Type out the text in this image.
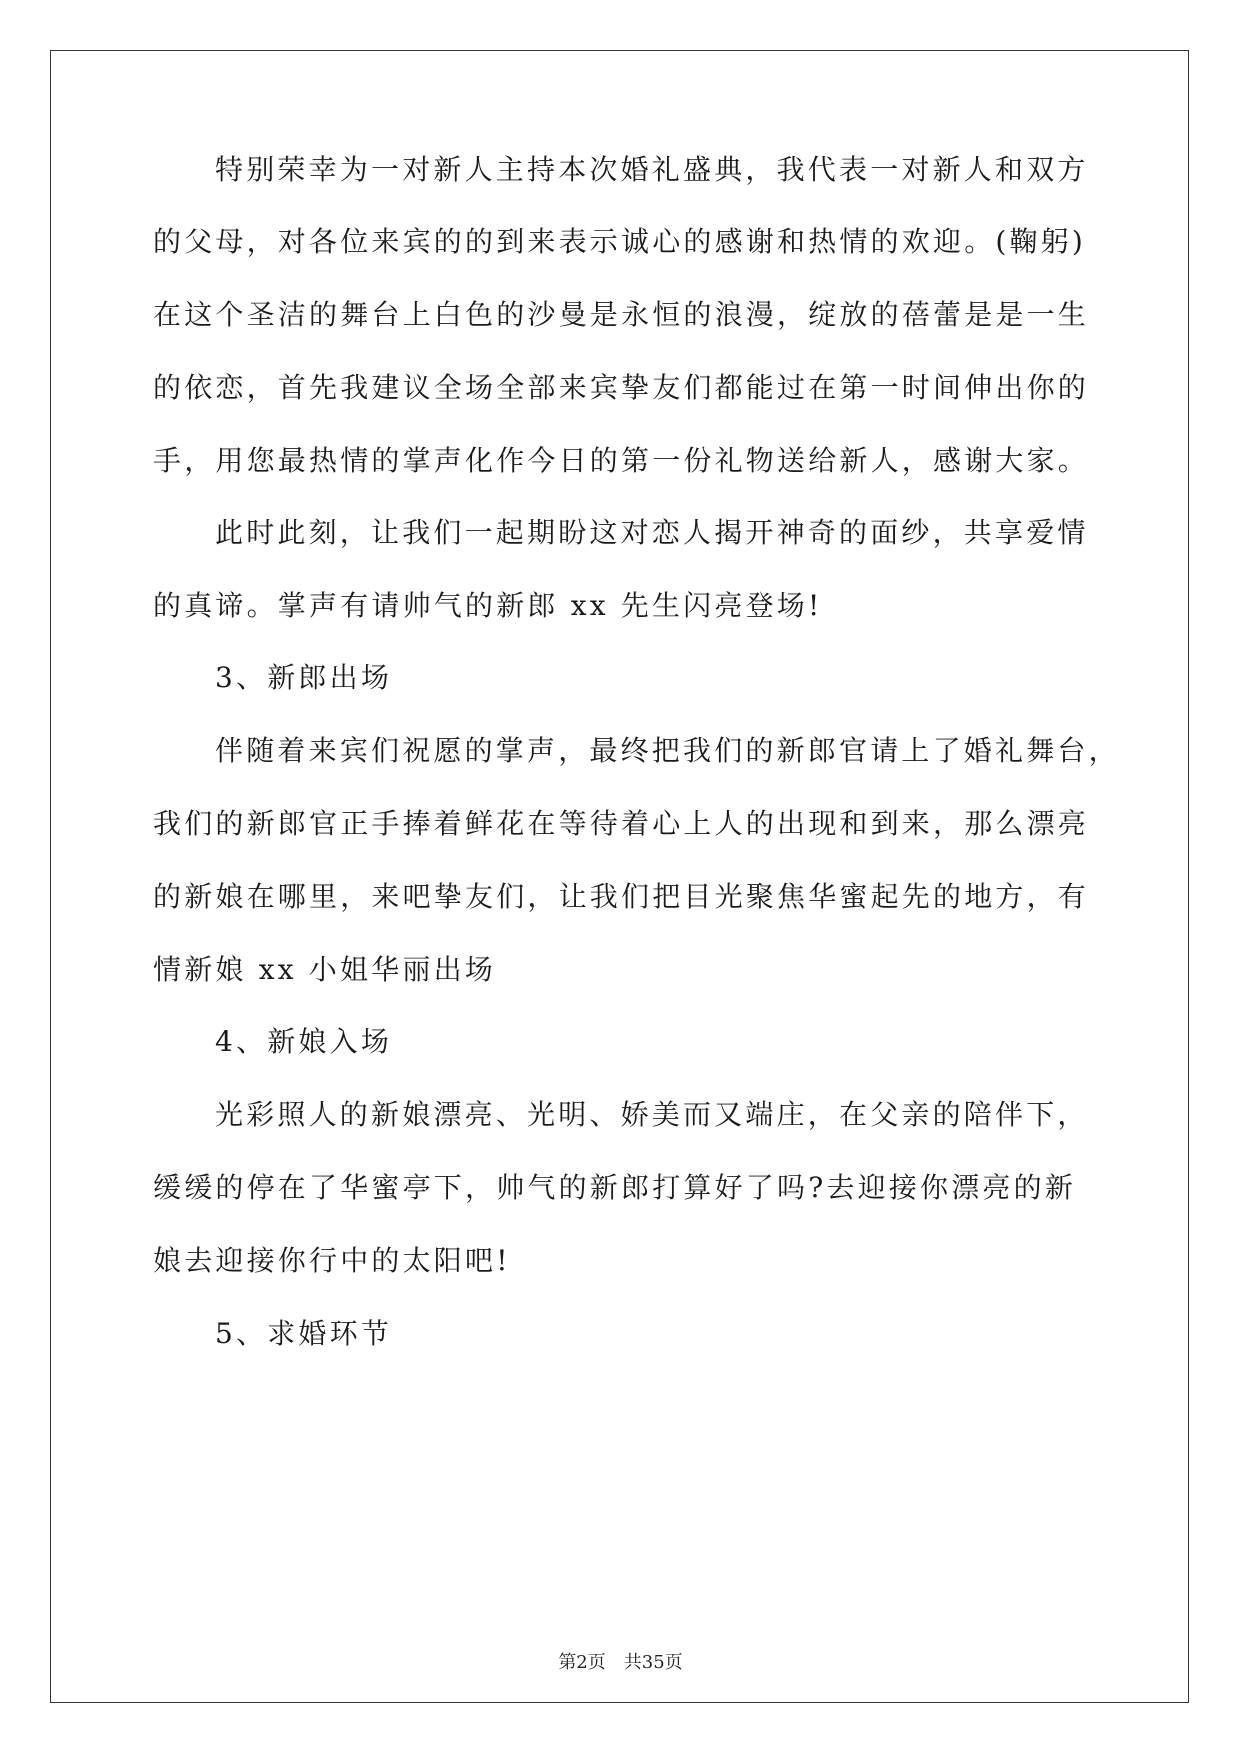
特别荣幸为一对新人主持本次婚礼盛典，我代表一对新人和双方
的父母，对各位来宾的的到来表示诚心的感谢和热情的欢迎。(鞠躬)
在这个圣洁的舞台上白色的沙曼是永恒的浪漫，绽放的蓓蕾是是一生
的依恋，首先我建议全场全部来宾挚友们都能过在第一时间伸出你的
手，用您最热情的掌声化作今日的第一份礼物送给新人，感谢大家。
此时此刻，让我们一起期盼这对恋人揭开神奇的面纱，共享爱情
的真谛。掌声有请帅气的新郎 xx 先生闪亮登场!
3、新郎出场
伴随着来宾们祝愿的掌声，最终把我们的新郎官请上了婚礼舞台，
我们的新郎官正手捧着鲜花在等待着心上人的出现和到来，那么漂亮
的新娘在哪里，来吧挚友们，让我们把目光聚焦华蜜起先的地方，有
情新娘 xx 小姐华丽出场
4、新娘入场
光彩照人的新娘漂亮、光明、娇美而又端庄，在父亲的陪伴下，
缓缓的停在了华蜜亭下，帅气的新郎打算好了吗?去迎接你漂亮的新
娘去迎接你行中的太阳吧!
5、求婚环节
第2页 共35页
